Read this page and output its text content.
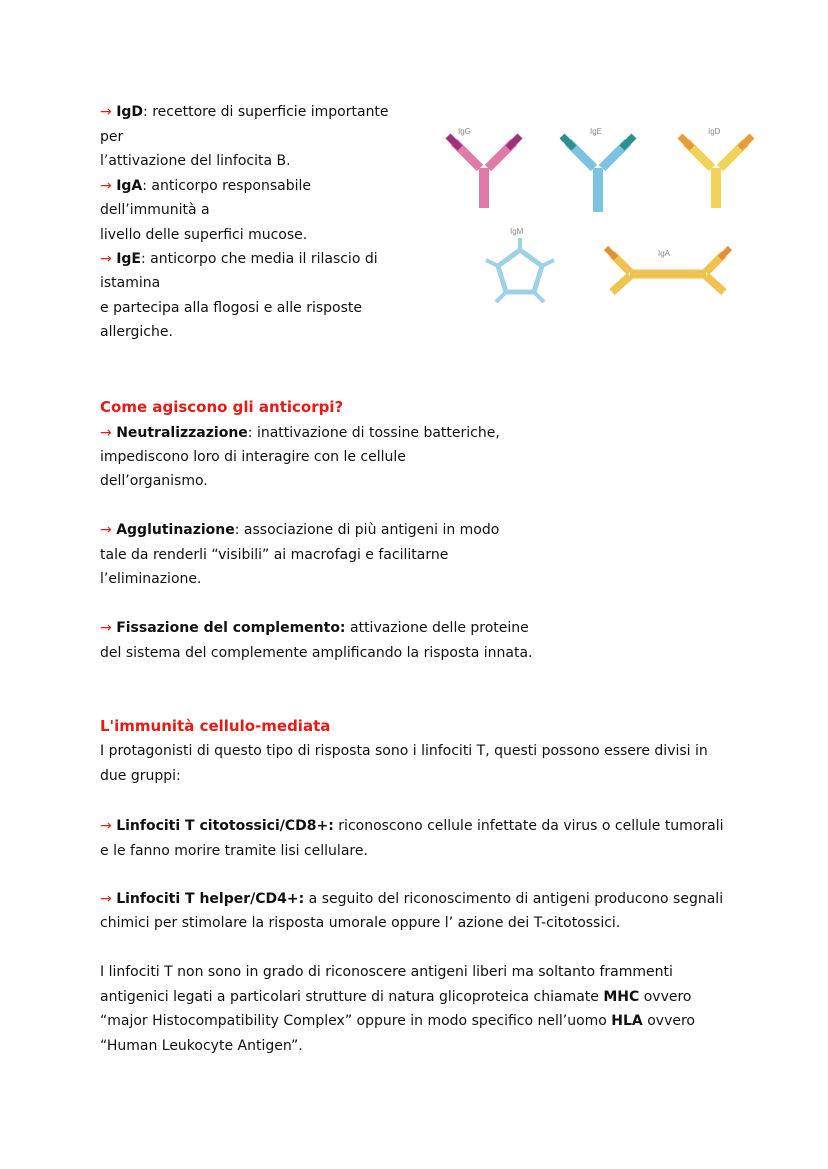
→ IgD: recettore di superficie importante
per
l’attivazione del linfocita B.
→ IgA: anticorpo responsabile
dell’immunità a
livello delle superfici mucose.
→ IgE: anticorpo che media il rilascio di
istamina
e partecipa alla flogosi e alle risposte
allergiche.
IgG	IgE	IgD
IgM
IgA
Come agiscono gli anticorpi?
→ Neutralizzazione: inattivazione di tossine batteriche,
impediscono loro di interagire con le cellule
dell’organismo.
→ Agglutinazione: associazione di più antigeni in modo
tale da renderli “visibili” ai macrofagi e facilitarne
l’eliminazione.
→ Fissazione del complemento: attivazione delle proteine
del sistema del complemente amplificando la risposta innata.
L'immunità cellulo-mediata
I protagonisti di questo tipo di risposta sono i linfociti T, questi possono essere divisi in
due gruppi:
→ Linfociti T citotossici/CD8+: riconoscono cellule infettate da virus o cellule tumorali
e le fanno morire tramite lisi cellulare.
→ Linfociti T helper/CD4+: a seguito del riconoscimento di antigeni producono segnali
chimici per stimolare la risposta umorale oppure l’ azione dei T-citotossici.
I linfociti T non sono in grado di riconoscere antigeni liberi ma soltanto frammenti
antigenici legati a particolari strutture di natura glicoproteica chiamate MHC ovvero
“major Histocompatibility Complex” oppure in modo specifico nell’uomo HLA ovvero
“Human Leukocyte Antigen”.
